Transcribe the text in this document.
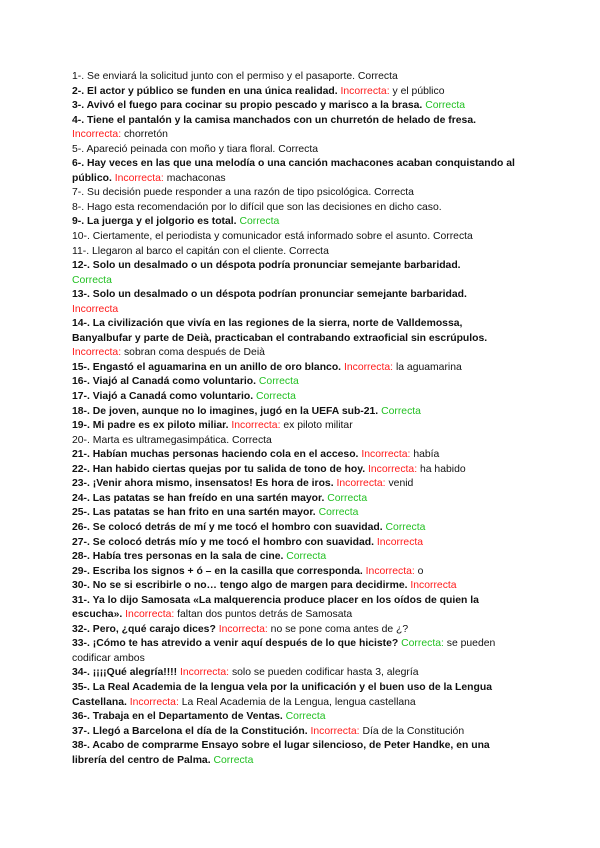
1-. Se enviará la solicitud junto con el permiso y el pasaporte. Correcta
2-. El actor y público se funden en una única realidad. Incorrecta: y el público
3-. Avivó el fuego para cocinar su propio pescado y marisco a la brasa. Correcta
4-. Tiene el pantalón y la camisa manchados con un churretón de helado de fresa. Incorrecta: chorretón
5-. Apareció peinada con moño y tiara floral. Correcta
6-. Hay veces en las que una melodía o una canción machacones acaban conquistando al público. Incorrecta: machaconas
7-. Su decisión puede responder a una razón de tipo psicológica. Correcta
8-. Hago esta recomendación por lo difícil que son las decisiones en dicho caso.
9-. La juerga y el jolgorio es total. Correcta
10-. Ciertamente, el periodista y comunicador está informado sobre el asunto. Correcta
11-. Llegaron al barco el capitán con el cliente. Correcta
12-. Solo un desalmado o un déspota podría pronunciar semejante barbaridad.
Correcta
13-. Solo un desalmado o un déspota podrían pronunciar semejante barbaridad.
Incorrecta
14-. La civilización que vivía en las regiones de la sierra, norte de Valldemossa, Banyalbufar y parte de Deià, practicaban el contrabando extraoficial sin escrúpulos.
Incorrecta: sobran coma después de Deià
15-. Engastó el aguamarina en un anillo de oro blanco. Incorrecta: la aguamarina
16-. Viajó al Canadá como voluntario. Correcta
17-. Viajó a Canadá como voluntario. Correcta
18-. De joven, aunque no lo imagines, jugó en la UEFA sub-21. Correcta
19-. Mi padre es ex piloto miliar. Incorrecta: ex piloto militar
20-. Marta es ultramegasimpática. Correcta
21-. Habían muchas personas haciendo cola en el acceso. Incorrecta: había
22-. Han habido ciertas quejas por tu salida de tono de hoy. Incorrecta: ha habido
23-. ¡Venir ahora mismo, insensatos! Es hora de iros. Incorrecta: venid
24-. Las patatas se han freído en una sartén mayor. Correcta
25-. Las patatas se han frito en una sartén mayor. Correcta
26-. Se colocó detrás de mí y me tocó el hombro con suavidad. Correcta
27-. Se colocó detrás mío y me tocó el hombro con suavidad. Incorrecta
28-. Había tres personas en la sala de cine. Correcta
29-. Escriba los signos + ó – en la casilla que corresponda. Incorrecta: o
30-. No se si escribirle o no… tengo algo de margen para decidirme. Incorrecta
31-. Ya lo dijo Samosata «La malquerencia produce placer en los oídos de quien la escucha». Incorrecta: faltan dos puntos detrás de Samosata
32-. Pero, ¿qué carajo dices? Incorrecta: no se pone coma antes de ¿?
33-. ¡Cómo te has atrevido a venir aquí después de lo que hiciste? Correcta: se pueden codificar ambos
34-. ¡¡¡¡Qué alegría!!!! Incorrecta: solo se pueden codificar hasta 3, alegría
35-. La Real Academia de la lengua vela por la unificación y el buen uso de la Lengua Castellana. Incorrecta: La Real Academia de la Lengua, lengua castellana
36-. Trabaja en el Departamento de Ventas. Correcta
37-. Llegó a Barcelona el día de la Constitución. Incorrecta: Día de la Constitución
38-. Acabo de comprarme Ensayo sobre el lugar silencioso, de Peter Handke, en una librería del centro de Palma. Correcta
